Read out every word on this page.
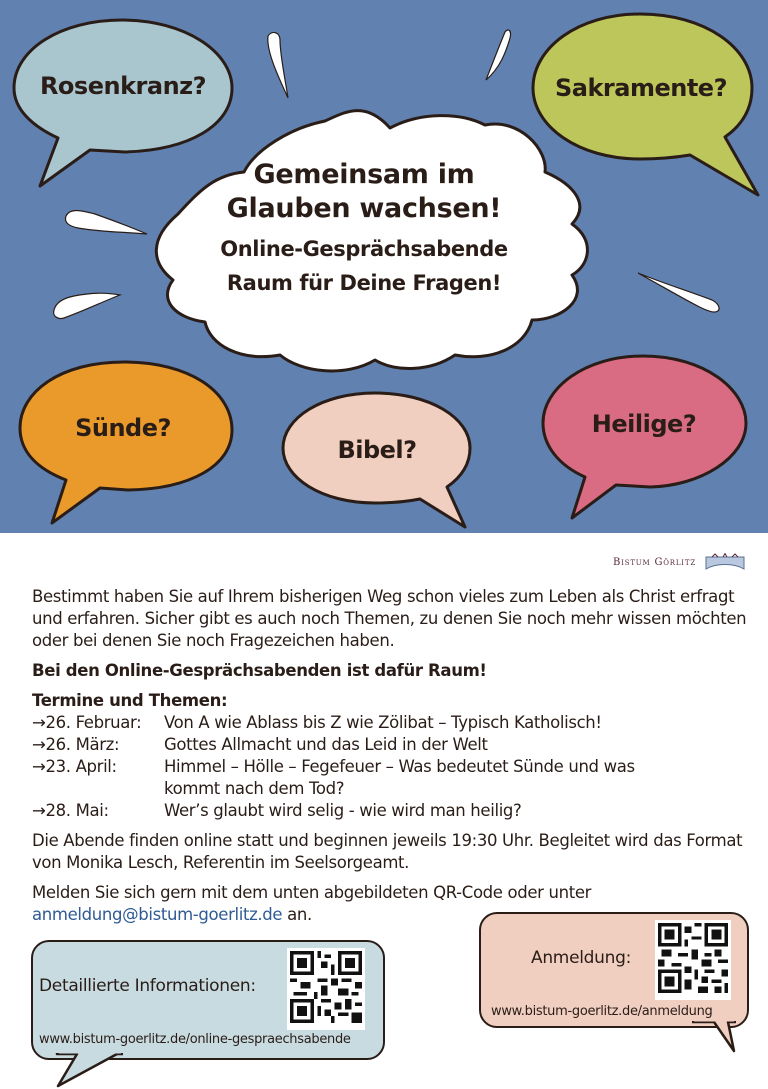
Rosenkranz?	Sakramente?
Sünde?
Bibel?
Heilige?
Gemeinsam im
Glauben wachsen!
Online-Gesprächsabende
Raum für Deine Fragen!
Bistum Görlitz

Bestimmt haben Sie auf Ihrem bisherigen Weg schon vieles zum Leben als Christ erfragt und erfahren. Sicher gibt es auch noch Themen, zu denen Sie noch mehr wissen möchten oder bei denen Sie noch Fragezeichen haben.

Bei den Online-Gesprächsabenden ist dafür Raum!

Termine und Themen:
→26. Februar:	Von A wie Ablass bis Z wie Zölibat – Typisch Katholisch!
→26. März:	Gottes Allmacht und das Leid in der Welt
→23. April:	Himmel – Hölle – Fegefeuer – Was bedeutet Sünde und was kommt nach dem Tod?
→28. Mai:	Wer’s glaubt wird selig - wie wird man heilig?

Die Abende finden online statt und beginnen jeweils 19:30 Uhr. Begleitet wird das Format von Monika Lesch, Referentin im Seelsorgeamt.

Melden Sie sich gern mit dem unten abgebildeten QR-Code oder unter
anmeldung@bistum-goerlitz.de an.

Detaillierte Informationen:
www.bistum-goerlitz.de/online-gespraechsabende
Anmeldung:
www.bistum-goerlitz.de/anmeldung
